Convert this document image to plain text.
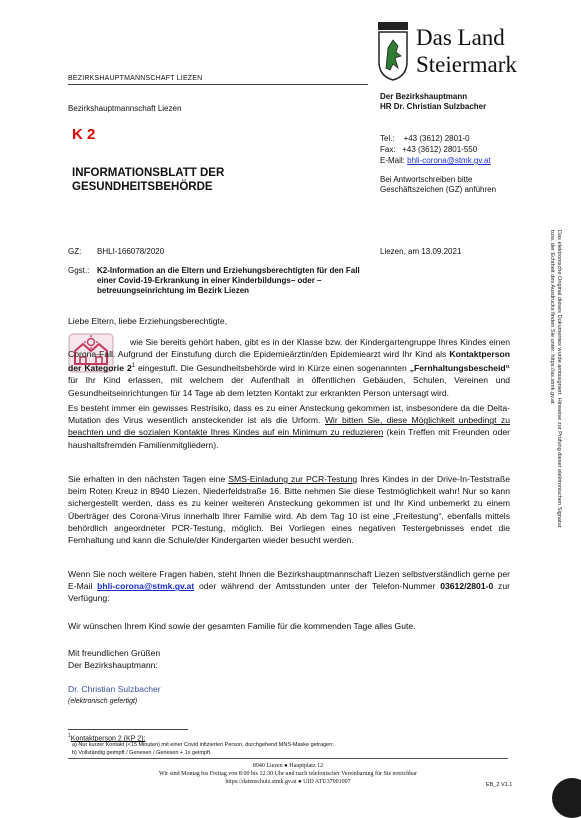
Das Land
Steiermark
BEZIRKSHAUPTMANNSCHAFT LIEZEN
Bezirkshauptmannschaft Liezen
Der Bezirkshauptmann
HR Dr. Christian Sulzbacher
Tel.:    +43 (3612) 2801-0
Fax:   +43 (3612) 2801-550
E-Mail: bhli-corona@stmk.gv.at
Bei Antwortschreiben bitte Geschäftszeichen (GZ) anführen
K 2
INFORMATIONSBLATT DER GESUNDHEITSBEHÖRDE
GZ: BHLI-166078/2020	Liezen, am 13.09.2021
Ggst.: K2-Information an die Eltern und Erziehungsberechtigten für den Fall einer Covid-19-Erkrankung in einer Kinderbildungs– oder –betreuungseinrichtung im Bezirk Liezen
Liebe Eltern, liebe Erziehungsberechtigte,
wie Sie bereits gehört haben, gibt es in der Klasse bzw. der Kindergartengruppe Ihres Kindes einen Corona-Fall. Aufgrund der Einstufung durch die Epidemieärztin/den Epidemiearzt wird Ihr Kind als Kontaktperson der Kategorie $2^1$ eingestuft. Die Gesundheitsbehörde wird in Kürze einen sogenannten „Fernhaltungsbescheid“ für Ihr Kind erlassen, mit welchem der Aufenthalt in öffentlichen Gebäuden, Schulen, Vereinen und Gesundheitseinrichtungen für 14 Tage ab dem letzten Kontakt zur erkrankten Person untersagt wird.
Es besteht immer ein gewisses Restrisiko, dass es zu einer Ansteckung gekommen ist, insbesondere da die Delta-Mutation des Virus wesentlich ansteckender ist als die Urform. Wir bitten Sie, diese Möglichkeit unbedingt zu beachten und die sozialen Kontakte Ihres Kindes auf ein Minimum zu reduzieren (kein Treffen mit Freunden oder haushaltsfremden Familienmitgliedern).
Sie erhalten in den nächsten Tagen eine SMS-Einladung zur PCR-Testung Ihres Kindes in der Drive-In-Teststraße beim Roten Kreuz in 8940 Liezen, Niederfeldstraße 16. Bitte nehmen Sie diese Testmöglichkeit wahr! Nur so kann sichergestellt werden, dass es zu keiner weiteren Ansteckung gekommen ist und Ihr Kind unbemerkt zu einem Überträger des Corona-Virus innerhalb Ihrer Familie wird. Ab dem Tag 10 ist eine „Freitestung“, ebenfalls mittels behördlich angeordneter PCR-Testung, möglich. Bei Vorliegen eines negativen Testergebnisses endet die Fernhaltung und kann die Schule/der Kindergarten wieder besucht werden.
Wenn Sie noch weitere Fragen haben, steht Ihnen die Bezirkshauptmannschaft Liezen selbstverständlich gerne per E-Mail bhli-corona@stmk.gv.at oder während der Amtsstunden unter der Telefon-Nummer 03612/2801-0 zur Verfügung:
Wir wünschen Ihrem Kind sowie der gesamten Familie für die kommenden Tage alles Gute.
Mit freundlichen Grüßen
Der Bezirkshauptmann:
Dr. Christian Sulzbacher
(elektronisch gefertigt)
$^1$Kontaktperson 2 (KP 2):
a) Nur kurzer Kontakt (<15 Minuten) mit einer Covid infizierten Person, durchgehend MNS-Maske getragen;
b) Vollständig geimpft / Genesen / Genesen + 1x geimpft.
8940 Liezen ● Hauptplatz 12
Wir sind Montag bis Freitag von 8:00 bis 12:30 Uhr und nach telefonischer Vereinbarung für Sie erreichbar
https://datenschutz.stmk.gv.at ● UID ATU37001007	EB_2 V1.1
Das elektronische Original dieses Dokumentes wurde amtssigniert. Hinweise zur Prüfung dieser elektronischen Signatur bzw. der Echtheit des Ausdrucks finden Sie unter: https://as.stmk.gv.at
